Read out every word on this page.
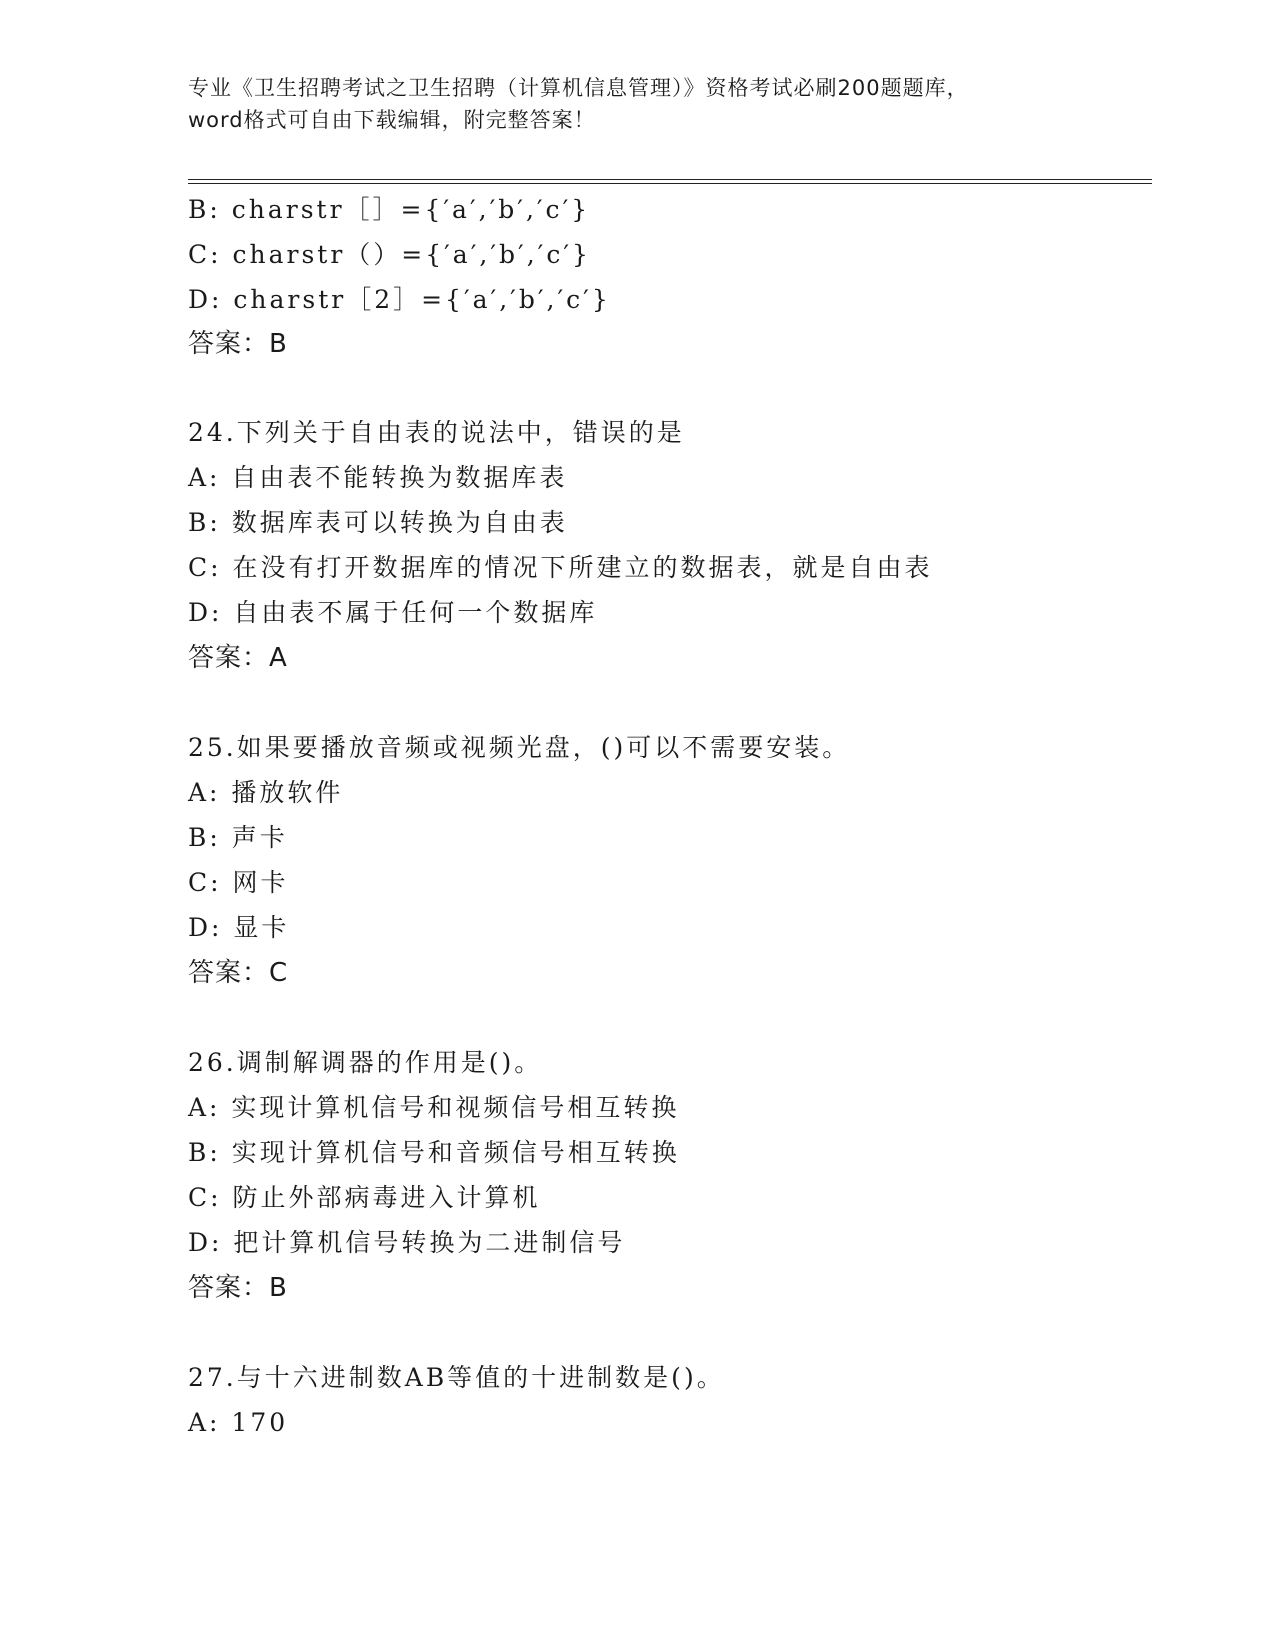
专业《卫生招聘考试之卫生招聘（计算机信息管理）》资格考试必刷200题题库，
word格式可自由下载编辑，附完整答案！
B: charstr［］={′a′,′b′,′c′}
C: charstr（）={′a′,′b′,′c′}
D: charstr［2］={′a′,′b′,′c′}
答案：B
24.下列关于自由表的说法中，错误的是
A: 自由表不能转换为数据库表
B: 数据库表可以转换为自由表
C: 在没有打开数据库的情况下所建立的数据表，就是自由表
D: 自由表不属于任何一个数据库
答案：A
25.如果要播放音频或视频光盘，()可以不需要安装。
A: 播放软件
B: 声卡
C: 网卡
D: 显卡
答案：C
26.调制解调器的作用是()。
A: 实现计算机信号和视频信号相互转换
B: 实现计算机信号和音频信号相互转换
C: 防止外部病毒进入计算机
D: 把计算机信号转换为二进制信号
答案：B
27.与十六进制数AB等值的十进制数是()。
A: 170
